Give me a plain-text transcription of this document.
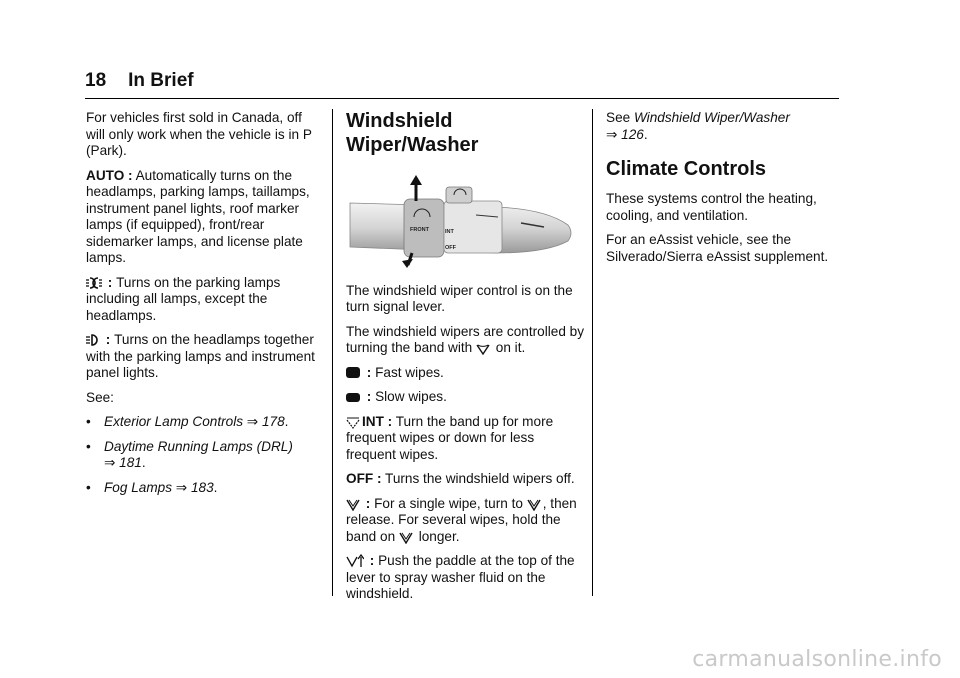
18 In Brief

For vehicles first sold in Canada, off will only work when the vehicle is in P (Park).

AUTO : Automatically turns on the headlamps, parking lamps, taillamps, instrument panel lights, roof marker lamps (if equipped), front/rear sidemarker lamps, and license plate lamps.

: Turns on the parking lamps including all lamps, except the headlamps.

: Turns on the headlamps together with the parking lamps and instrument panel lights.

See:

• Exterior Lamp Controls ⇒ 178.
• Daytime Running Lamps (DRL)
⇒ 181.
• Fog Lamps ⇒ 183.
Windshield Wiper/Washer
FRONT	INT
OFF

The windshield wiper control is on the turn signal lever.

The windshield wipers are controlled by turning the band with  on it.

: Fast wipes.

: Slow wipes.

INT : Turn the band up for more frequent wipes or down for less frequent wipes.

OFF : Turns the windshield wipers off.

: For a single wipe, turn to , then release. For several wipes, hold the band on  longer.

: Push the paddle at the top of the lever to spray washer fluid on the windshield.

See Windshield Wiper/Washer
⇒ 126.

Climate Controls

These systems control the heating, cooling, and ventilation.

For an eAssist vehicle, see the Silverado/Sierra eAssist supplement.

carmanualsonline.info
